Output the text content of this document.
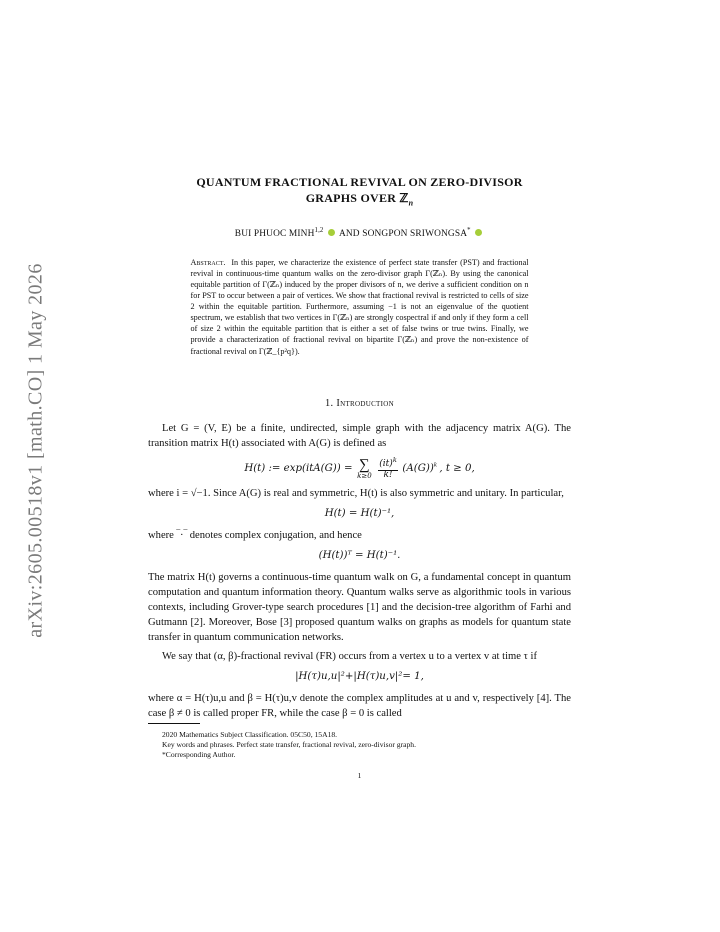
arXiv:2605.00518v1 [math.CO] 1 May 2026
QUANTUM FRACTIONAL REVIVAL ON ZERO-DIVISOR
GRAPHS OVER ℤ$_n$
BUI PHUOC MINH$^{1,2}$ AND SONGPON SRIWONGSA*
Abstract. In this paper, we characterize the existence of perfect state transfer (PST) and fractional revival in continuous-time quantum walks on the zero-divisor graph Γ(ℤₙ). By using the canonical equitable partition of Γ(ℤₙ) induced by the proper divisors of n, we derive a sufficient condition on n for PST to occur between a pair of vertices. We show that fractional revival is restricted to cells of size 2 within the equitable partition. Furthermore, assuming −1 is not an eigenvalue of the quotient spectrum, we establish that two vertices in Γ(ℤₙ) are strongly cospectral if and only if they form a cell of size 2 within the equitable partition that is either a set of false twins or true twins. Finally, we provide a characterization of fractional revival on bipartite Γ(ℤₙ) and prove the non-existence of fractional revival on Γ(ℤ_{p²q}).
1. Introduction

Let G = (V, E) be a finite, undirected, simple graph with the adjacency matrix A(G). The transition matrix H(t) associated with A(G) is defined as

H(t) := exp(itA(G)) = ∑
k≥0
$\frac{(it)^k}{k!} (A(G))^k$ , t ≥ 0,

where i = √−1. Since A(G) is real and symmetric, H(t) is also symmetric and unitary. In particular,

H(t) = H(t)⁻¹,

where ‾·‾ denotes complex conjugation, and hence

(H(t))ᵀ = H(t)⁻¹.

The matrix H(t) governs a continuous-time quantum walk on G, a fundamental concept in quantum computation and quantum information theory. Quantum walks serve as algorithmic tools in various contexts, including Grover-type search procedures [1] and the decision-tree algorithm of Farhi and Gutmann [2]. Moreover, Bose [3] proposed quantum walks on graphs as models for quantum state transfer in quantum communication networks.

We say that (α, β)-fractional revival (FR) occurs from a vertex u to a vertex v at time τ if

|H(τ)u,u|²+|H(τ)u,v|²= 1,

where α = H(τ)u,u and β = H(τ)u,v denote the complex amplitudes at u and v, respectively [4]. The case β ≠ 0 is called proper FR, while the case β = 0 is called

2020 Mathematics Subject Classification. 05C50, 15A18.
Key words and phrases. Perfect state transfer, fractional revival, zero-divisor graph.
*Corresponding Author.
1
